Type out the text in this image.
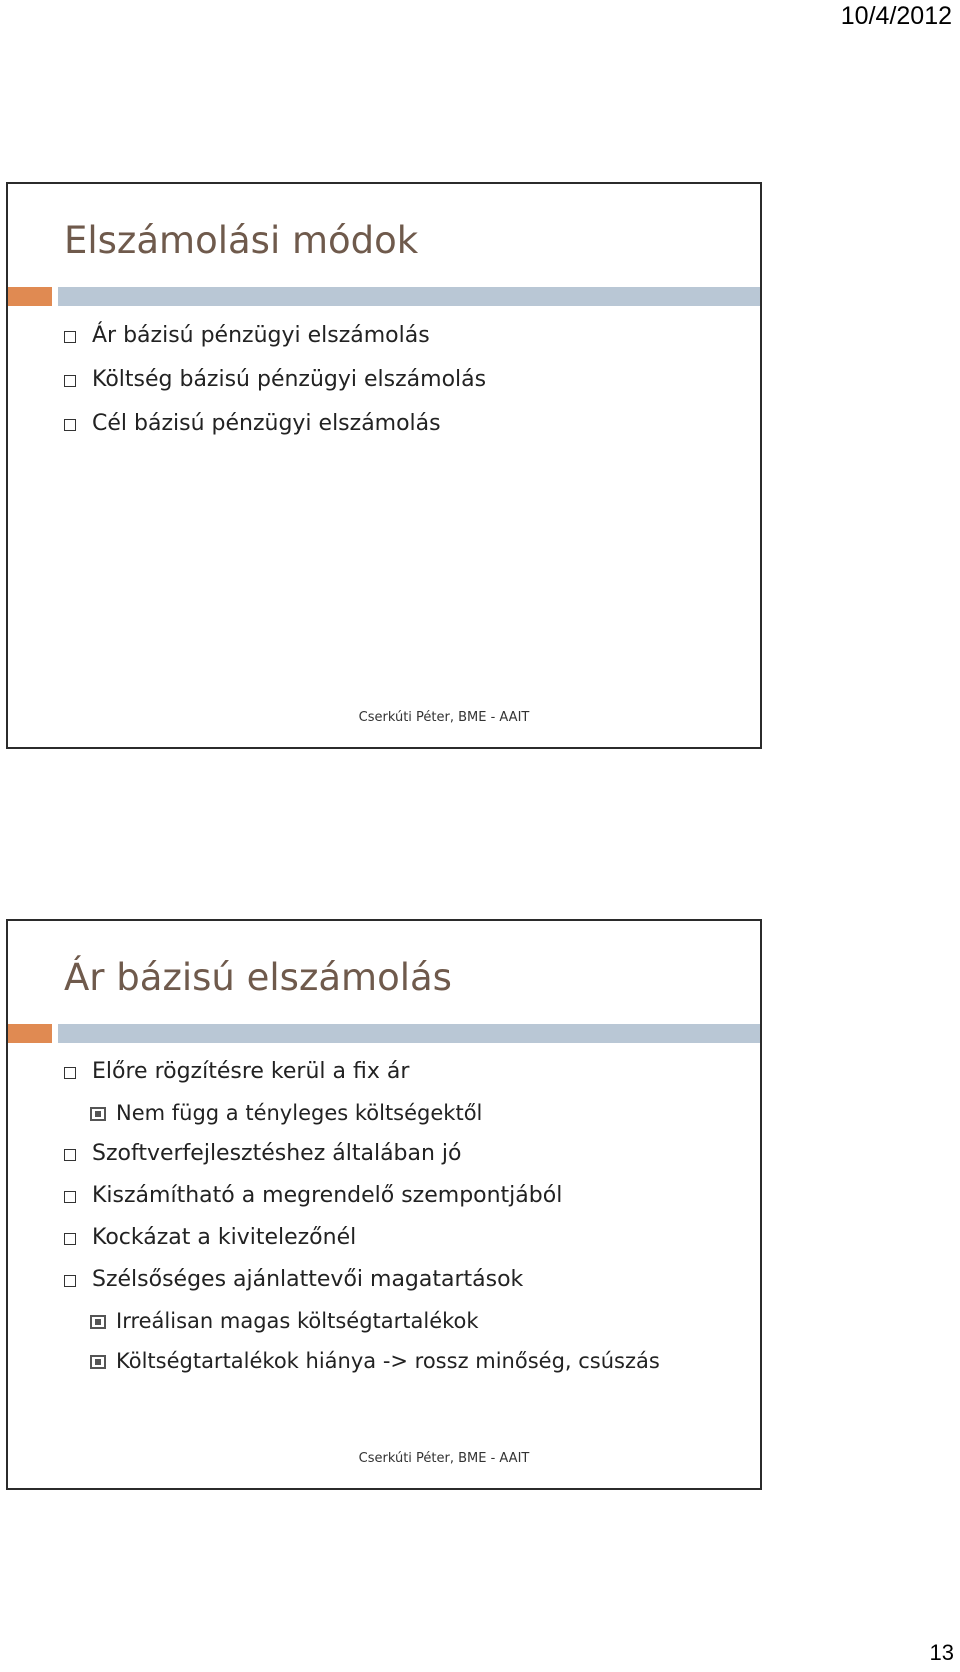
10/4/2012
Elszámolási módok
Ár bázisú pénzügyi elszámolás
Költség bázisú pénzügyi elszámolás
Cél bázisú pénzügyi elszámolás
Cserkúti Péter, BME - AAIT
Ár bázisú elszámolás
Előre rögzítésre kerül a fix ár
Nem függ a tényleges költségektől
Szoftverfejlesztéshez általában jó
Kiszámítható a megrendelő szempontjából
Kockázat a kivitelezőnél
Szélsőséges ajánlattevői magatartások
Irreálisan magas költségtartalékok
Költségtartalékok hiánya -> rossz minőség, csúszás
Cserkúti Péter, BME - AAIT
13
